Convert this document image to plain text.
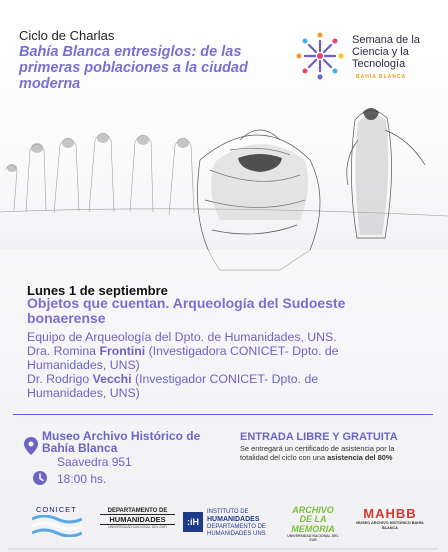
Ciclo de Charlas
Bahía Blanca entresiglos: de las primeras poblaciones a la ciudad moderna
Semana de la
Ciencia y la
Tecnología
BAHÍA BLANCA
Lunes 1 de septiembre
Objetos que cuentan. Arqueología del Sudoeste bonaerense
Equipo de Arqueología del Dpto. de Humanidades, UNS.
Dra. Romina Frontini (Investigadora CONICET- Dpto. de Humanidades, UNS)
Dr. Rodrigo Vecchi (Investigador CONICET- Dpto. de Humanidades, UNS)
Museo Archivo Histórico de Bahía Blanca
Saavedra 951
18:00 hs.
ENTRADA LIBRE Y GRATUITA
Se entregará un certificado de asistencia por la totalidad del ciclo con una asistencia del 80%
CONICET	DEPARTAMENTO DE
HUMANIDADES
UNIVERSIDAD NACIONAL DEL SUR	:iH
INSTITUTO DE
HUMANIDADES
DEPARTAMENTO DE
HUMANIDADES UNS
ARCHIVO DE LA
MEMORIA
UNIVERSIDAD NACIONAL DEL SUR
MAHBB
MUSEO ARCHIVO HISTÓRICO BAHÍA BLANCA
